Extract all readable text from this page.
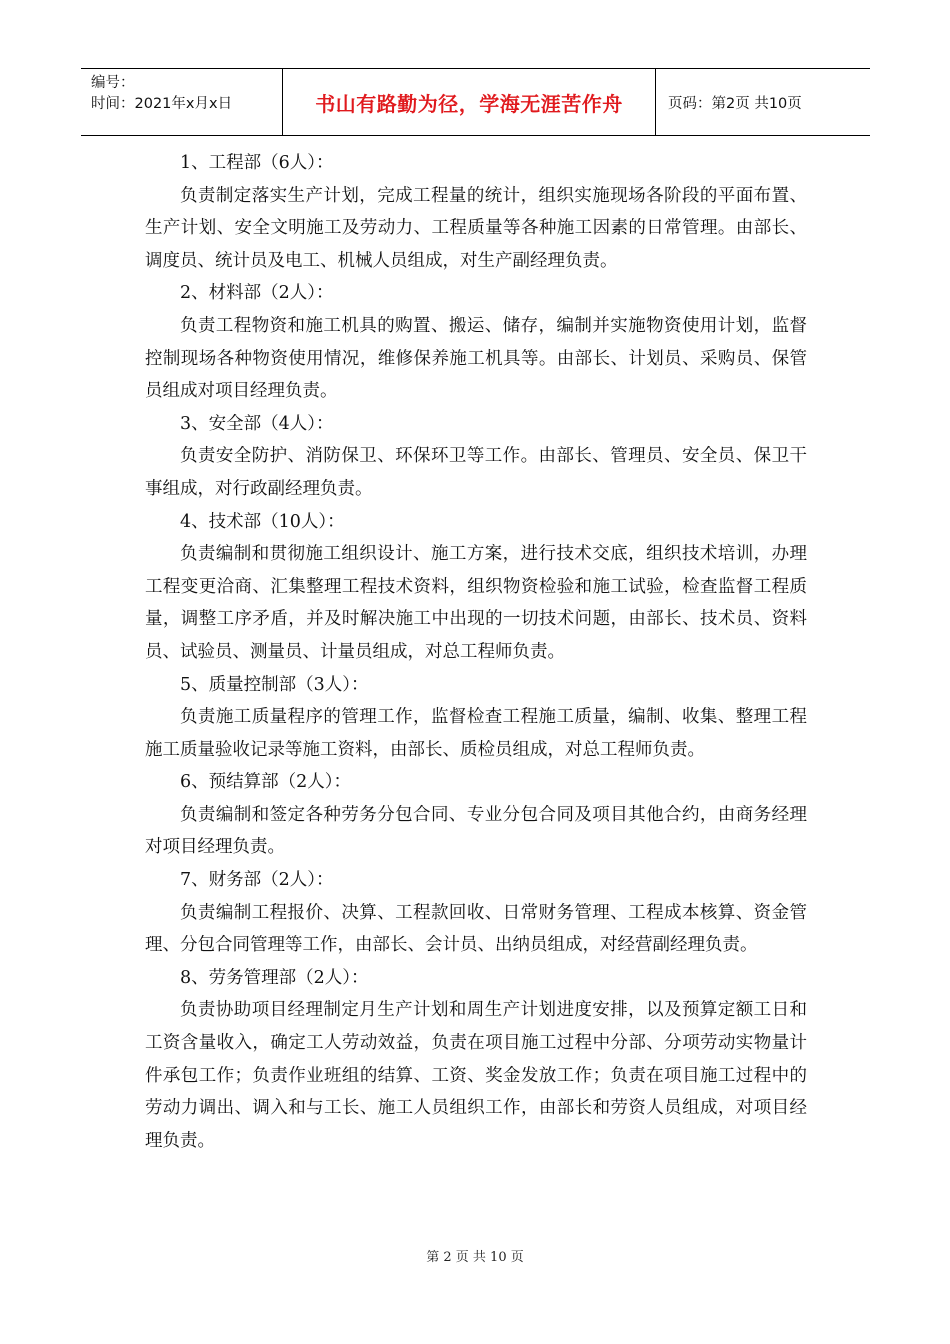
编号：
时间：2021年x月x日	书山有路勤为径，学海无涯苦作舟	页码：第2页 共10页

1、工程部（6人）：

负责制定落实生产计划，完成工程量的统计，组织实施现场各阶段的平面布置、生产计划、安全文明施工及劳动力、工程质量等各种施工因素的日常管理。由部长、调度员、统计员及电工、机械人员组成，对生产副经理负责。

2、材料部（2人）：

负责工程物资和施工机具的购置、搬运、储存，编制并实施物资使用计划，监督控制现场各种物资使用情况，维修保养施工机具等。由部长、计划员、采购员、保管员组成对项目经理负责。

3、安全部（4人）：

负责安全防护、消防保卫、环保环卫等工作。由部长、管理员、安全员、保卫干事组成，对行政副经理负责。

4、技术部（10人）：

负责编制和贯彻施工组织设计、施工方案，进行技术交底，组织技术培训，办理工程变更洽商、汇集整理工程技术资料，组织物资检验和施工试验，检查监督工程质量，调整工序矛盾，并及时解决施工中出现的一切技术问题，由部长、技术员、资料员、试验员、测量员、计量员组成，对总工程师负责。

5、质量控制部（3人）：

负责施工质量程序的管理工作，监督检查工程施工质量，编制、收集、整理工程施工质量验收记录等施工资料，由部长、质检员组成，对总工程师负责。

6、预结算部（2人）：

负责编制和签定各种劳务分包合同、专业分包合同及项目其他合约，由商务经理对项目经理负责。

7、财务部（2人）：

负责编制工程报价、决算、工程款回收、日常财务管理、工程成本核算、资金管理、分包合同管理等工作，由部长、会计员、出纳员组成，对经营副经理负责。

8、劳务管理部（2人）：

负责协助项目经理制定月生产计划和周生产计划进度安排，以及预算定额工日和工资含量收入，确定工人劳动效益，负责在项目施工过程中分部、分项劳动实物量计件承包工作；负责作业班组的结算、工资、奖金发放工作；负责在项目施工过程中的劳动力调出、调入和与工长、施工人员组织工作，由部长和劳资人员组成，对项目经理负责。

第 2 页 共 10 页
